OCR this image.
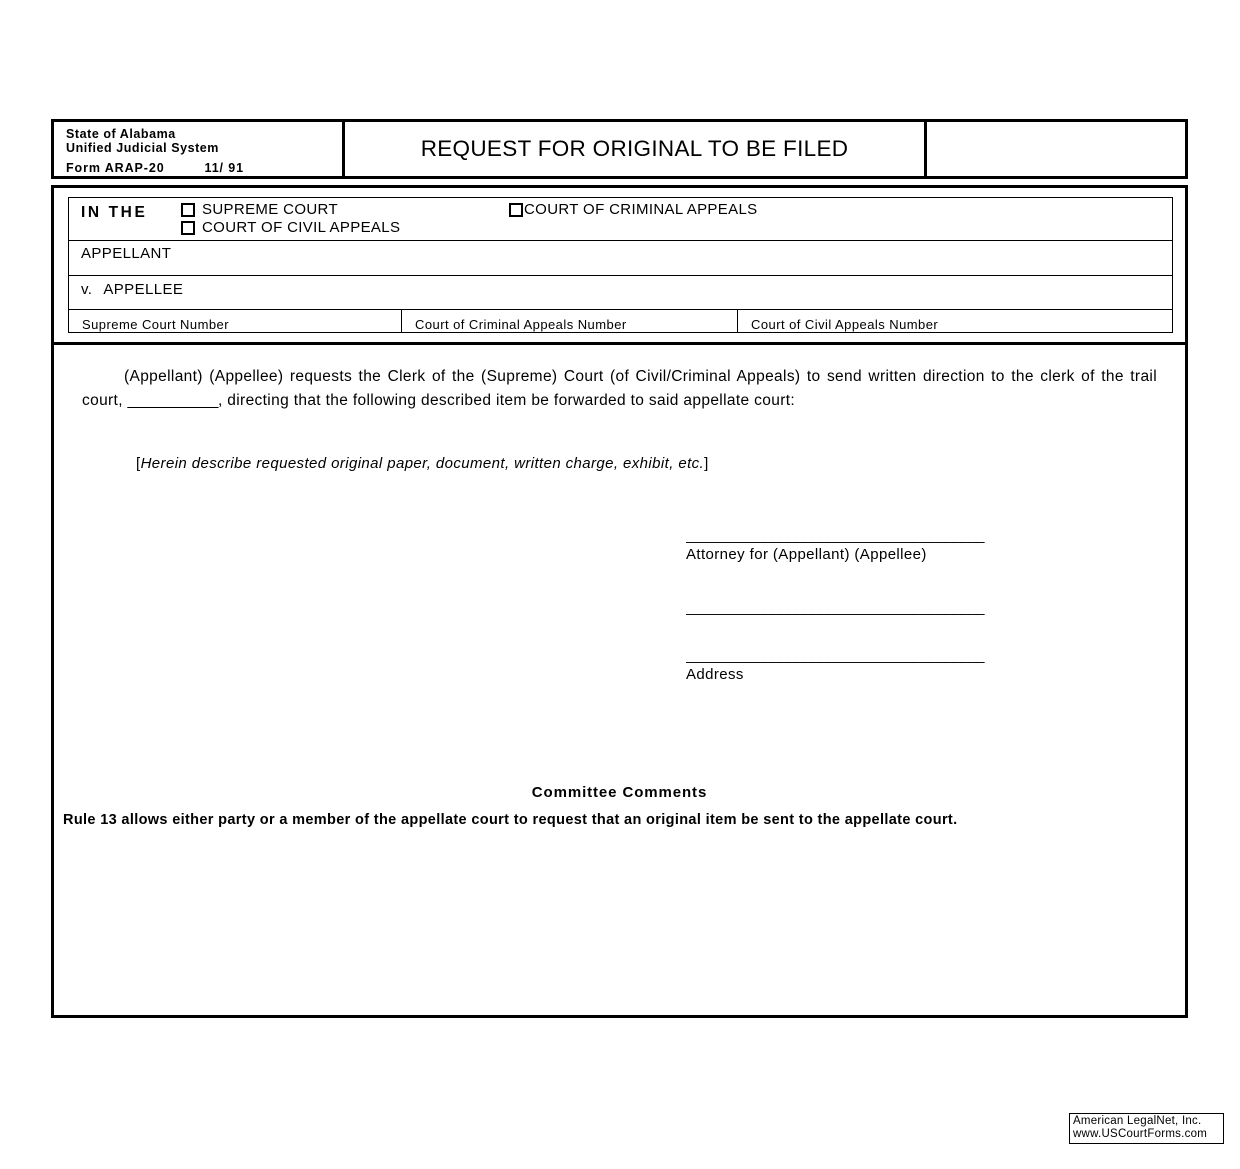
State of Alabama
Unified Judicial System
Form ARAP-20	11/ 91
REQUEST FOR ORIGINAL TO BE FILED
IN THE	SUPREME COURT
COURT OF CIVIL APPEALS
COURT OF CRIMINAL APPEALS
APPELLANT
v. APPELLEE
Supreme Court Number	Court of Criminal Appeals Number	Court of Civil Appeals Number
(Appellant) (Appellee) requests the Clerk of the (Supreme) Court (of Civil/Criminal Appeals) to send written direction to the clerk of the trail court, ___________, directing that the following described item be forwarded to said appellate court:
[Herein describe requested original paper, document, written charge, exhibit, etc.]
______________________________________
Attorney for (Appellant) (Appellee)
______________________________________
______________________________________
Address
Committee Comments
Rule 13 allows either party or a member of the appellate court to request that an original item be sent to the appellate court.
American LegalNet, Inc.
www.USCourtForms.com
